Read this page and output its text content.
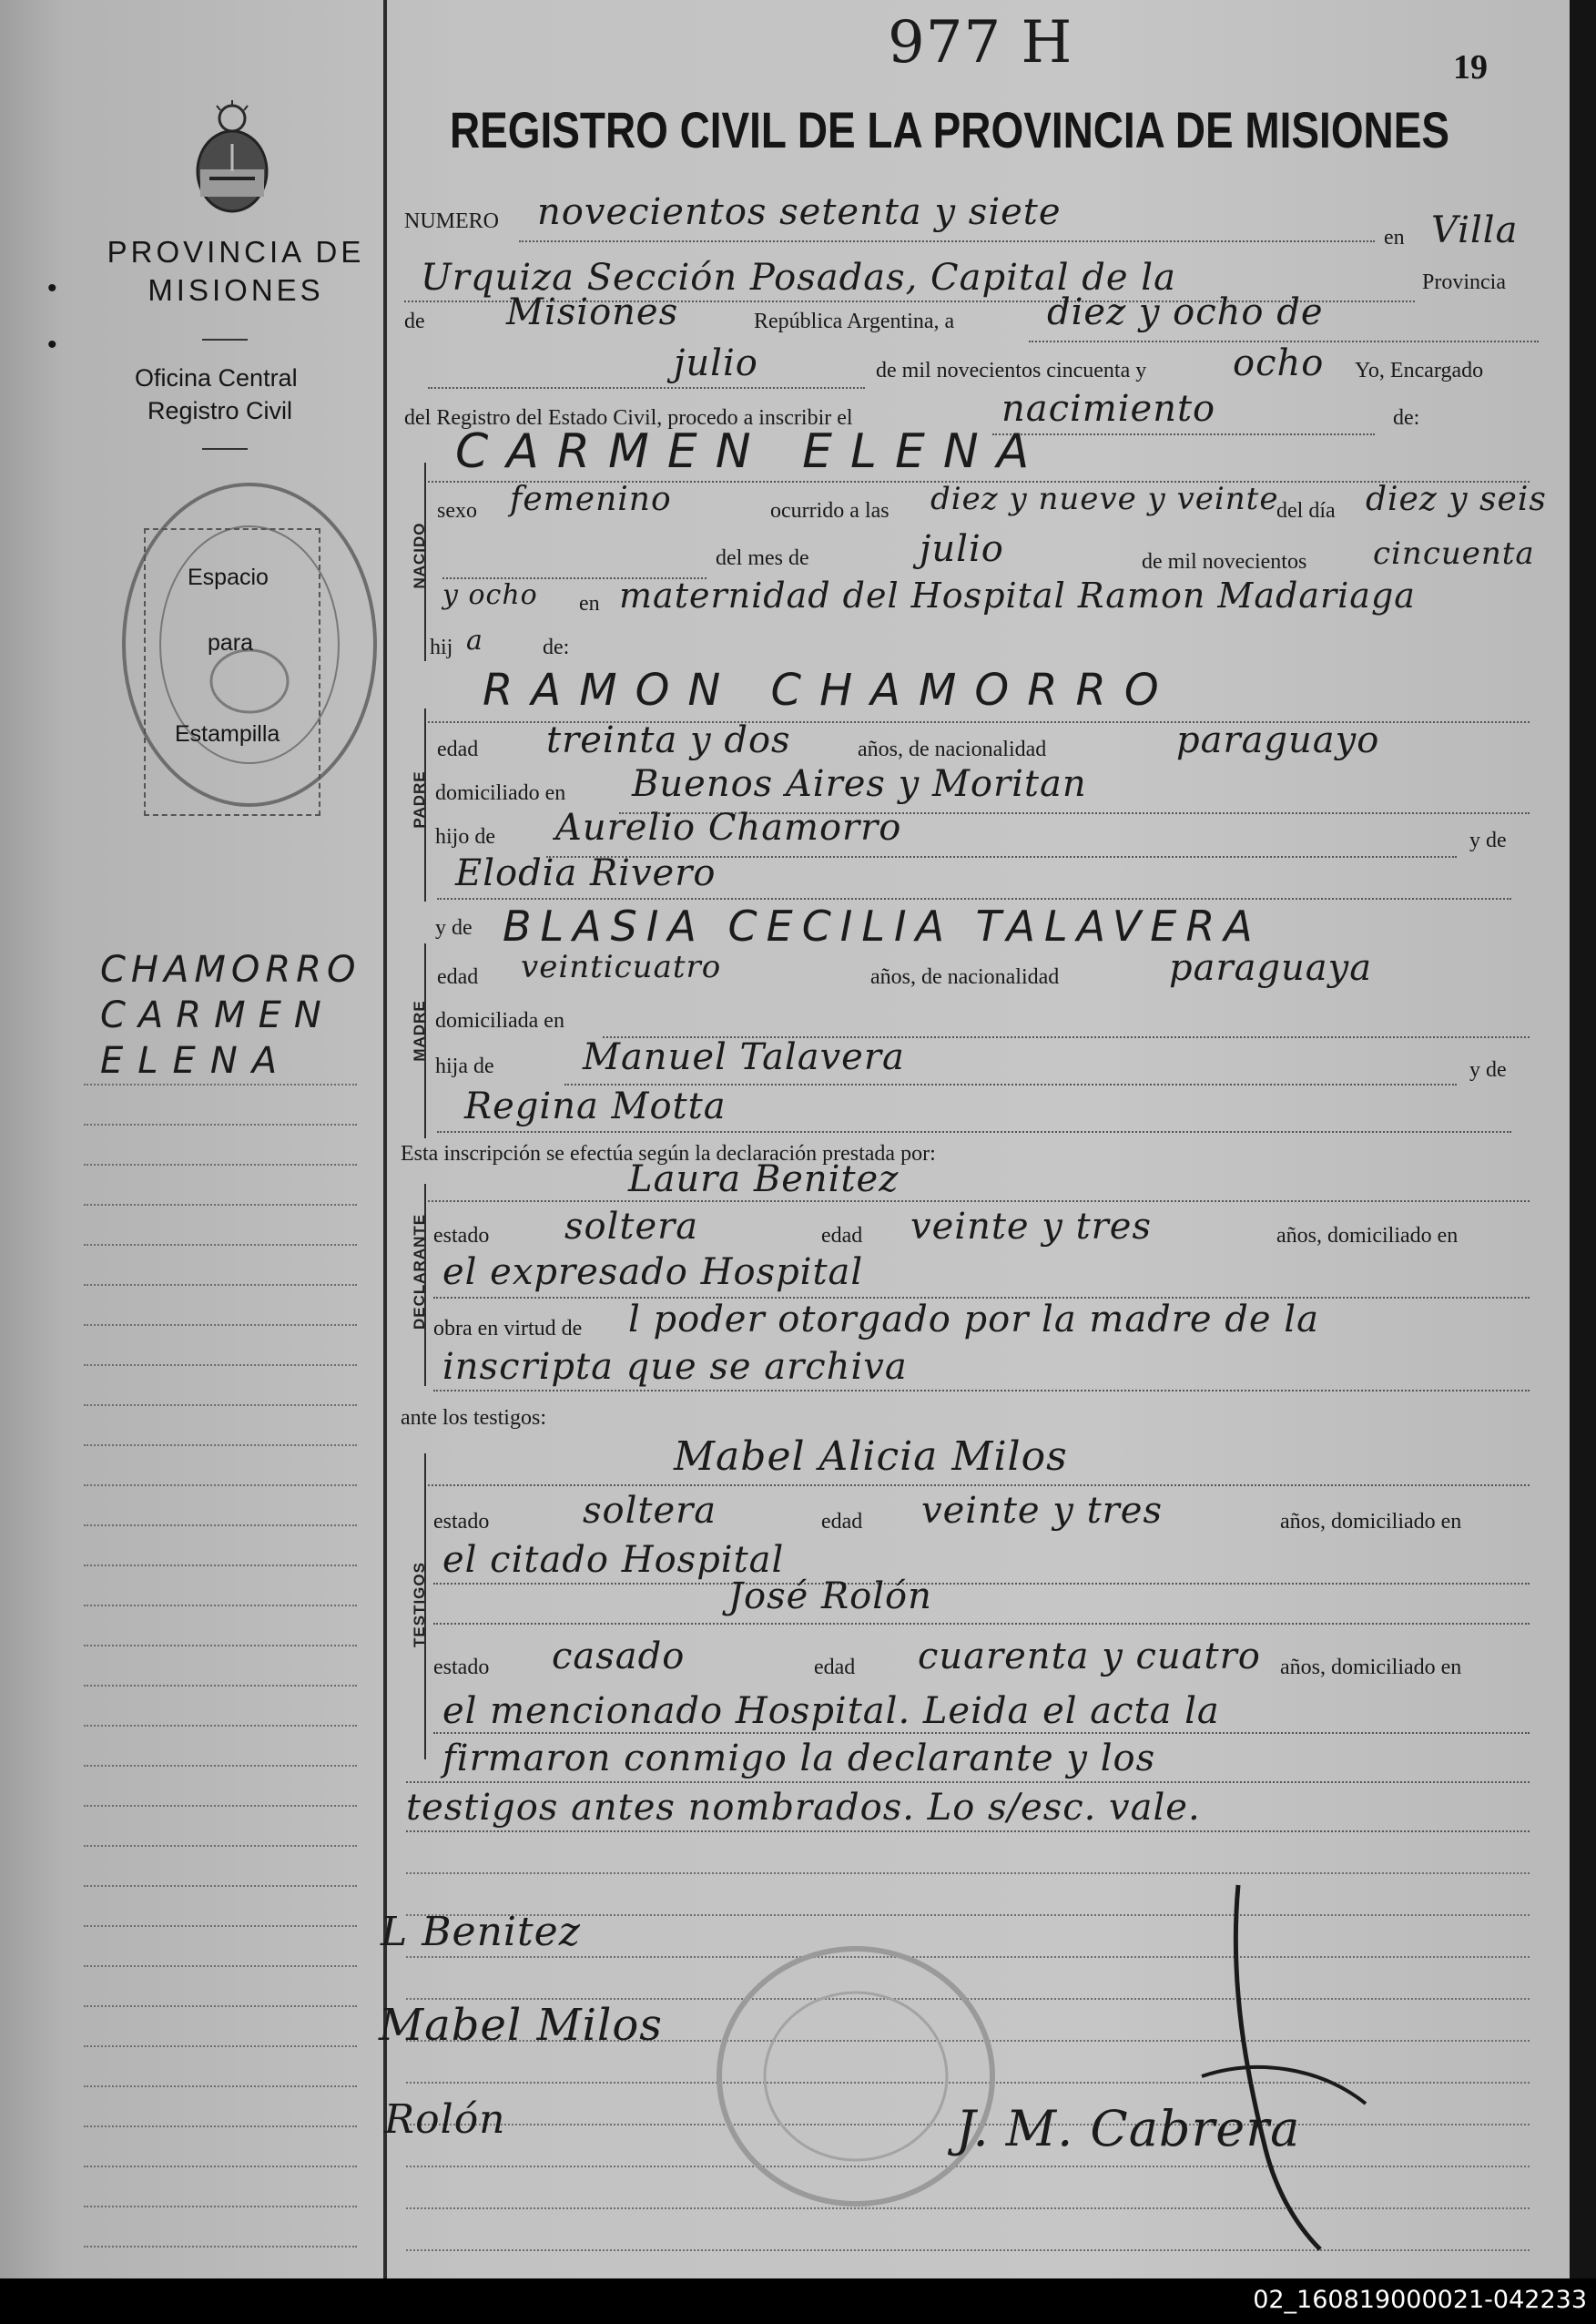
977 H	19
REGISTRO CIVIL DE LA PROVINCIA DE MISIONES
PROVINCIA DE MISIONES
•
•
Oficina Central
Registro Civil
Espacio
para
Estampilla
CHAMORRO
CARMEN
ELENA
NUMERO novecientos setenta y siete
en Villa
Urquiza Sección Posadas, Capital de la	Provincia
de Misiones	República Argentina, a	diez y ocho de
julio	de mil novecientos cincuenta y ocho Yo, Encargado
del Registro del Estado Civil, procedo a inscribir el	nacimiento	de:
CARMEN ELENA
NACIDO
sexo femenino	ocurrido a las diez y nueve y veinte
del día diez y seis
del mes de	julio	de mil novecientos cincuenta
y ocho en maternidad del Hospital Ramon Madariaga
hij a	de:
RAMON CHAMORRO
PADRE
edad treinta y dos	años, de nacionalidad	paraguayo
domiciliado en Buenos Aires y Moritan
hijo de Aurelio Chamorro	y de
Elodia Rivero
y de BLASIA CECILIA TALAVERA
MADRE
edad veinticuatro	años, de nacionalidad	paraguaya
domiciliada en
hija de Manuel Talavera	y de
Regina Motta
Esta inscripción se efectúa según la declaración prestada por:
Laura Benitez
DECLARANTE estado soltera	edad veinte y tres	años, domiciliado en
el expresado Hospital
obra en virtud de l poder otorgado por la madre de la
inscripta que se archiva
ante los testigos:
Mabel Alicia Milos
TESTIGOS
estado	soltera	edad veinte y tres	años, domiciliado en
el citado Hospital
José Rolón
estado casado	edad cuarenta y cuatro años, domiciliado en
el mencionado Hospital. Leida el acta la
firmaron conmigo la declarante y los
testigos antes nombrados. Lo s/esc. vale.
L Benitez
Mabel Milos
Rolón	J. M. Cabrera
02_160819000021-042233
